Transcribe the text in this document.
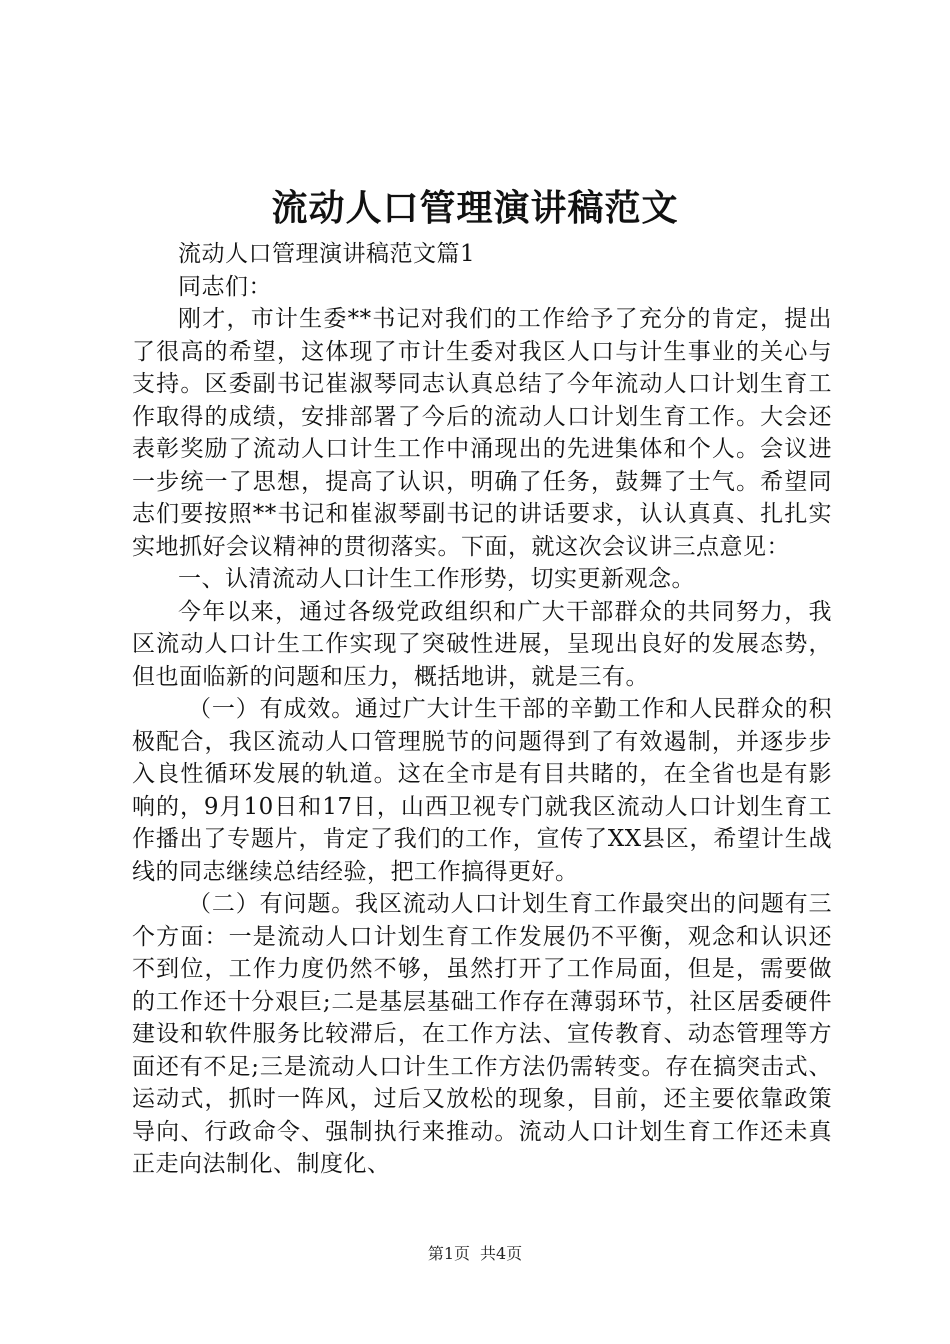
流动人口管理演讲稿范文

流动人口管理演讲稿范文篇1

同志们：

刚才，市计生委**书记对我们的工作给予了充分的肯定，提出了很高的希望，这体现了市计生委对我区人口与计生事业的关心与支持。区委副书记崔淑琴同志认真总结了今年流动人口计划生育工作取得的成绩，安排部署了今后的流动人口计划生育工作。大会还表彰奖励了流动人口计生工作中涌现出的先进集体和个人。会议进一步统一了思想，提高了认识，明确了任务，鼓舞了士气。希望同志们要按照**书记和崔淑琴副书记的讲话要求，认认真真、扎扎实实地抓好会议精神的贯彻落实。下面，就这次会议讲三点意见：

一、认清流动人口计生工作形势，切实更新观念。

今年以来，通过各级党政组织和广大干部群众的共同努力，我区流动人口计生工作实现了突破性进展，呈现出良好的发展态势，但也面临新的问题和压力，概括地讲，就是三有。

（一）有成效。通过广大计生干部的辛勤工作和人民群众的积极配合，我区流动人口管理脱节的问题得到了有效遏制，并逐步步入良性循环发展的轨道。这在全市是有目共睹的，在全省也是有影响的，9月10日和17日，山西卫视专门就我区流动人口计划生育工作播出了专题片，肯定了我们的工作，宣传了XX县区，希望计生战线的同志继续总结经验，把工作搞得更好。

（二）有问题。我区流动人口计划生育工作最突出的问题有三个方面：一是流动人口计划生育工作发展仍不平衡，观念和认识还不到位，工作力度仍然不够，虽然打开了工作局面，但是，需要做的工作还十分艰巨;二是基层基础工作存在薄弱环节，社区居委硬件建设和软件服务比较滞后，在工作方法、宣传教育、动态管理等方面还有不足;三是流动人口计生工作方法仍需转变。存在搞突击式、运动式，抓时一阵风，过后又放松的现象，目前，还主要依靠政策导向、行政命令、强制执行来推动。流动人口计划生育工作还未真正走向法制化、制度化、

第1页 共4页
